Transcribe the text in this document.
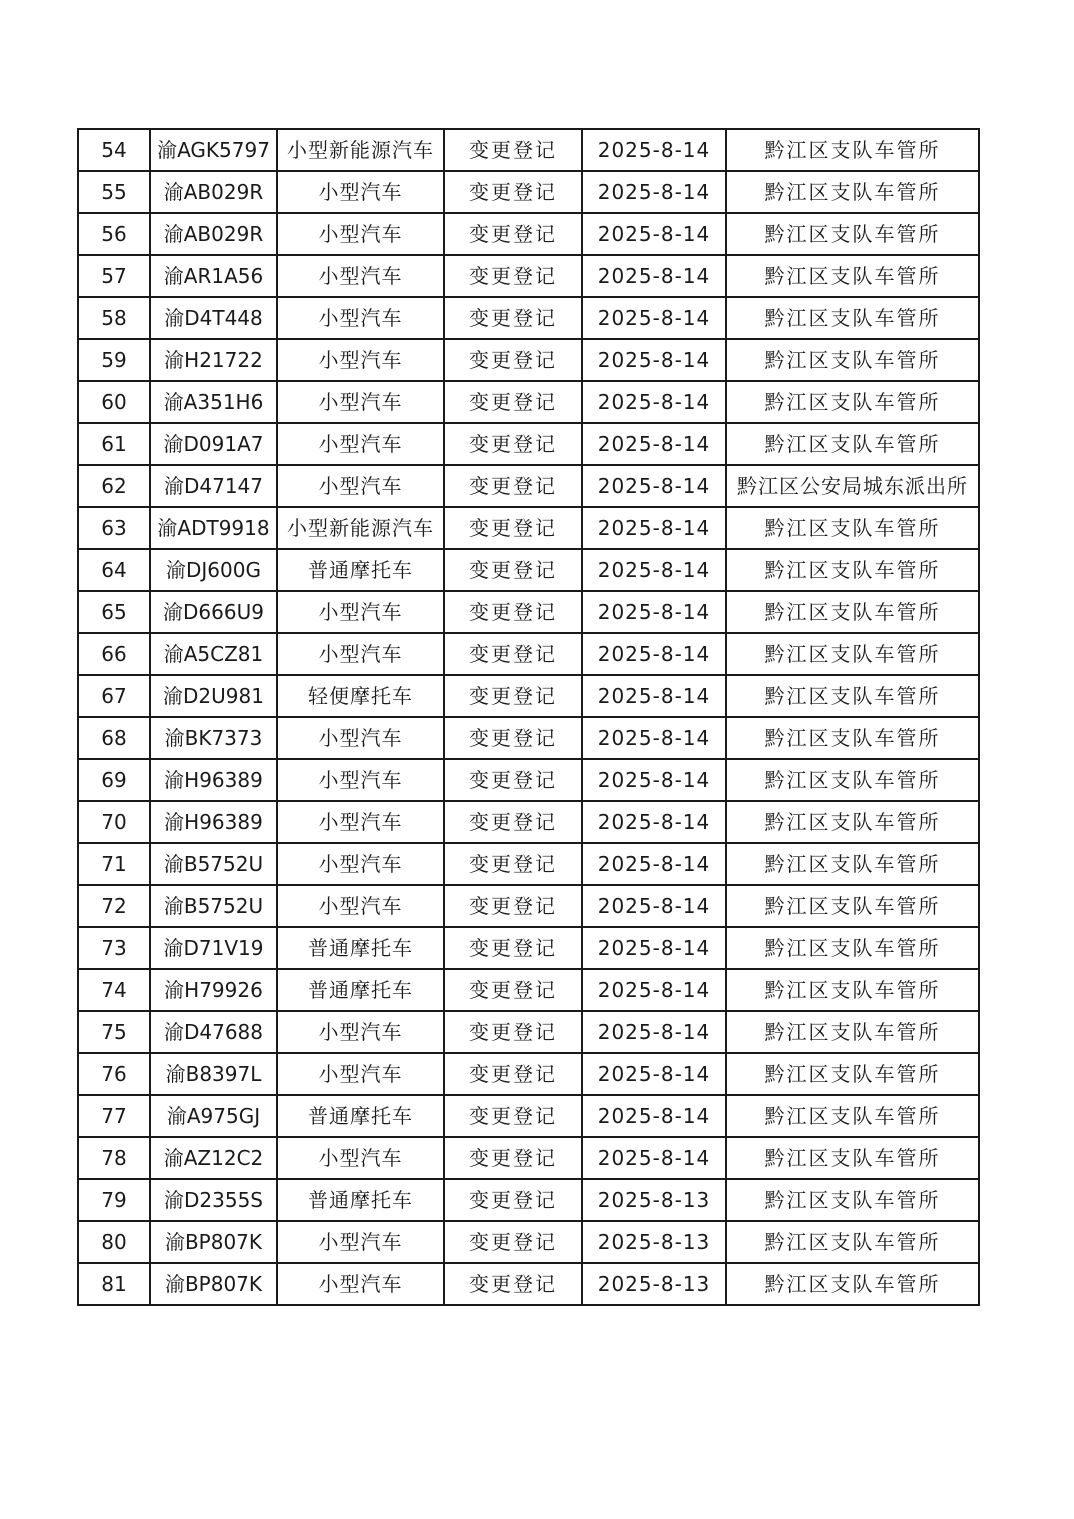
54	渝AGK5797	小型新能源汽车	变更登记	2025-8-14	黔江区支队车管所
55	渝AB029R	小型汽车	变更登记	2025-8-14	黔江区支队车管所
56	渝AB029R	小型汽车	变更登记	2025-8-14	黔江区支队车管所
57	渝AR1A56	小型汽车	变更登记	2025-8-14	黔江区支队车管所
58	渝D4T448	小型汽车	变更登记	2025-8-14	黔江区支队车管所
59	渝H21722	小型汽车	变更登记	2025-8-14	黔江区支队车管所
60	渝A351H6	小型汽车	变更登记	2025-8-14	黔江区支队车管所
61	渝D091A7	小型汽车	变更登记	2025-8-14	黔江区支队车管所
62	渝D47147	小型汽车	变更登记	2025-8-14	黔江区公安局城东派出所
63	渝ADT9918	小型新能源汽车	变更登记	2025-8-14	黔江区支队车管所
64	渝DJ600G	普通摩托车	变更登记	2025-8-14	黔江区支队车管所
65	渝D666U9	小型汽车	变更登记	2025-8-14	黔江区支队车管所
66	渝A5CZ81	小型汽车	变更登记	2025-8-14	黔江区支队车管所
67	渝D2U981	轻便摩托车	变更登记	2025-8-14	黔江区支队车管所
68	渝BK7373	小型汽车	变更登记	2025-8-14	黔江区支队车管所
69	渝H96389	小型汽车	变更登记	2025-8-14	黔江区支队车管所
70	渝H96389	小型汽车	变更登记	2025-8-14	黔江区支队车管所
71	渝B5752U	小型汽车	变更登记	2025-8-14	黔江区支队车管所
72	渝B5752U	小型汽车	变更登记	2025-8-14	黔江区支队车管所
73	渝D71V19	普通摩托车	变更登记	2025-8-14	黔江区支队车管所
74	渝H79926	普通摩托车	变更登记	2025-8-14	黔江区支队车管所
75	渝D47688	小型汽车	变更登记	2025-8-14	黔江区支队车管所
76	渝B8397L	小型汽车	变更登记	2025-8-14	黔江区支队车管所
77	渝A975GJ	普通摩托车	变更登记	2025-8-14	黔江区支队车管所
78	渝AZ12C2	小型汽车	变更登记	2025-8-14	黔江区支队车管所
79	渝D2355S	普通摩托车	变更登记	2025-8-13	黔江区支队车管所
80	渝BP807K	小型汽车	变更登记	2025-8-13	黔江区支队车管所
81	渝BP807K	小型汽车	变更登记	2025-8-13	黔江区支队车管所
